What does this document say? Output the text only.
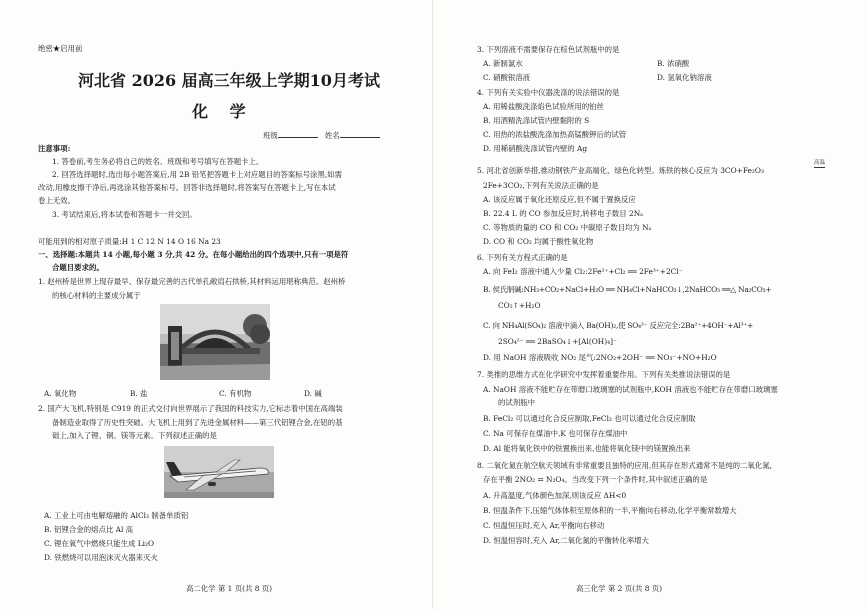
绝密★启用前
河北省 2026 届高三年级上学期10月考试
化 学
班级	姓名
注意事项:
1. 答卷前,考生务必将自己的姓名、班级和考号填写在答题卡上。
2. 回答选择题时,选出每小题答案后,用 2B 铅笔把答题卡上对应题目的答案标号涂黑,如需
改动,用橡皮擦干净后,再选涂其他答案标号。回答非选择题时,将答案写在答题卡上,写在本试
卷上无效。
3. 考试结束后,将本试卷和答题卡一并交回。
可能用到的相对原子质量:H 1 C 12 N 14 O 16 Na 23
一、选择题:本题共 14 小题,每小题 3 分,共 42 分。在每小题给出的四个选项中,只有一项是符
合题目要求的。
1. 赵州桥是世界上现存最早、保存最完善的古代单孔敞肩石拱桥,其材料运用堪称典范。赵州桥
的核心材料的主要成分属于
A. 氧化物	B. 盐	C. 有机物	D. 碱
2. 国产大飞机,特别是 C919 的正式交付向世界展示了我国的科技实力,它标志着中国在高端装
备制造业取得了历史性突破。大飞机上用到了先进金属材料——第三代铝锂合金,在铝的基
础上,加入了锂、铜、镁等元素。下列叙述正确的是
A. 工业上可由电解熔融的 AlCl₃ 制备单质铝
B. 铝锂合金的熔点比 Al 高
C. 锂在氧气中燃烧只能生成 Li₂O
D. 铁燃烧可以用泡沫灭火器来灭火
高二化学 第 1 页(共 8 页)
3. 下列溶液不需要保存在棕色试剂瓶中的是
A. 新制氯水	B. 浓硝酸
C. 硝酸银溶液	D. 氢氧化钠溶液
4. 下列有关实验中仪器洗涤的说法错误的是
A. 用稀盐酸洗涤焰色试验所用的铂丝
B. 用酒精洗涤试管内壁黏附的 S
C. 用热的浓盐酸洗涤加热高锰酸钾后的试管
D. 用稀硝酸洗涤试管内壁的 Ag
5. 河北省创新举措,推动钢铁产业高端化、绿色化转型。炼铁的核心反应为 3CO+Fe₂O₃
高温
2Fe+3CO₂,下列有关说法正确的是
A. 该反应属于氧化还原反应,但不属于置换反应
B. 22.4 L 的 CO 参加反应时,转移电子数目 2Nₐ
C. 等物质的量的 CO 和 CO₂ 中碳原子数目均为 Nₐ
D. CO 和 CO₂ 均属于酸性氧化物
6. 下列有关方程式正确的是
A. 向 FeI₂ 溶液中通入少量 Cl₂:2Fe²⁺+Cl₂ ══ 2Fe³⁺+2Cl⁻
B. 侯氏制碱:NH₃+CO₂+NaCl+H₂O ══ NH₄Cl+NaHCO₃↓,2NaHCO₃ ══△ Na₂CO₃+
CO₂↑+H₂O
C. 向 NH₄Al(SO₄)₂ 溶液中滴入 Ba(OH)₂,使 SO₄²⁻ 反应完全:2Ba²⁺+4OH⁻+Al³⁺+
2SO₄²⁻ ══ 2BaSO₄↓+[Al(OH)₄]⁻
D. 用 NaOH 溶液吸收 NO₂ 尾气:2NO₂+2OH⁻ ══ NO₃⁻+NO+H₂O
7. 类推的思维方式在化学研究中发挥着重要作用。下列有关类推说法错误的是
A. NaOH 溶液不能贮存在带磨口玻璃塞的试剂瓶中,KOH 溶液也不能贮存在带磨口玻璃塞
的试剂瓶中
B. FeCl₂ 可以通过化合反应制取,FeCl₃ 也可以通过化合反应制取
C. Na 可保存在煤油中,K 也可保存在煤油中
D. Al 能将氧化铁中的铁置换出来,也能将氧化镁中的镁置换出来
8. 二氧化氮在航空航天领域有非常重要且独特的应用,但其存在形式通常不是纯的二氧化氮,
存在平衡 2NO₂ ⇌ N₂O₄。当改变下列一个条件时,其中叙述正确的是
A. 升高温度,气体颜色加深,则该反应 ΔH<0
B. 恒温条件下,压缩气体体积至原体积的一半,平衡向右移动,化学平衡常数增大
C. 恒温恒压时,充入 Ar,平衡向右移动
D. 恒温恒容时,充入 Ar,二氧化氮的平衡转化率增大
高三化学 第 2 页(共 8 页)
